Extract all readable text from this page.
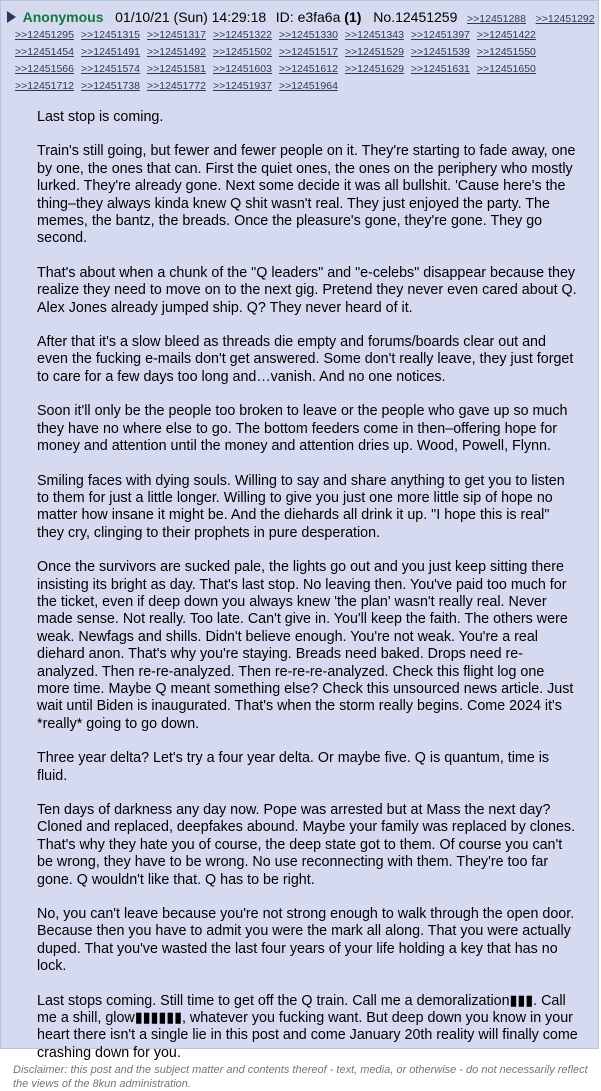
Anonymous 01/10/21 (Sun) 14:29:18 ID: e3fa6a (1) No.12451259 >>12451288 >>12451292
>>12451295 >>12451315 >>12451317 >>12451322 >>12451330 >>12451343 >>12451397 >>12451422
>>12451454 >>12451491 >>12451492 >>12451502 >>12451517 >>12451529 >>12451539 >>12451550
>>12451566 >>12451574 >>12451581 >>12451603 >>12451612 >>12451629 >>12451631 >>12451650
>>12451712 >>12451738 >>12451772 >>12451937 >>12451964

Last stop is coming.

Train's still going, but fewer and fewer people on it. They're starting to fade away, one by one, the ones that can. First the quiet ones, the ones on the periphery who mostly lurked. They're already gone. Next some decide it was all bullshit. 'Cause here's the thing–they always kinda knew Q shit wasn't real. They just enjoyed the party. The memes, the bantz, the breads. Once the pleasure's gone, they're gone. They go second.

That's about when a chunk of the "Q leaders" and "e-celebs" disappear because they realize they need to move on to the next gig. Pretend they never even cared about Q. Alex Jones already jumped ship. Q? They never heard of it.

After that it's a slow bleed as threads die empty and forums/boards clear out and even the fucking e-mails don't get answered. Some don't really leave, they just forget to care for a few days too long and…vanish. And no one notices.

Soon it'll only be the people too broken to leave or the people who gave up so much they have no where else to go. The bottom feeders come in then–offering hope for money and attention until the money and attention dries up. Wood, Powell, Flynn.

Smiling faces with dying souls. Willing to say and share anything to get you to listen to them for just a little longer. Willing to give you just one more little sip of hope no matter how insane it might be. And the diehards all drink it up. "I hope this is real" they cry, clinging to their prophets in pure desperation.

Once the survivors are sucked pale, the lights go out and you just keep sitting there insisting its bright as day. That's last stop. No leaving then. You've paid too much for the ticket, even if deep down you always knew 'the plan' wasn't really real. Never made sense. Not really. Too late. Can't give in. You'll keep the faith. The others were weak. Newfags and shills. Didn't believe enough. You're not weak. You're a real diehard anon. That's why you're staying. Breads need baked. Drops need re-analyzed. Then re-re-analyzed. Then re-re-re-analyzed. Check this flight log one more time. Maybe Q meant something else? Check this unsourced news article. Just wait until Biden is inaugurated. That's when the storm really begins. Come 2024 it's *really* going to go down.

Three year delta? Let's try a four year delta. Or maybe five. Q is quantum, time is fluid.

Ten days of darkness any day now. Pope was arrested but at Mass the next day? Cloned and replaced, deepfakes abound. Maybe your family was replaced by clones. That's why they hate you of course, the deep state got to them. Of course you can't be wrong, they have to be wrong. No use reconnecting with them. They're too far gone. Q wouldn't like that. Q has to be right.

No, you can't leave because you're not strong enough to walk through the open door. Because then you have to admit you were the mark all along. That you were actually duped. That you've wasted the last four years of your life holding a key that has no lock.

Last stops coming. Still time to get off the Q train. Call me a demoralization▮▮▮. Call me a shill, glow▮▮▮▮▮▮, whatever you fucking want. But deep down you know in your heart there isn't a single lie in this post and come January 20th reality will finally come crashing down for you.

Disclaimer: this post and the subject matter and contents thereof - text, media, or otherwise - do not necessarily reflect the views of the 8kun administration.
